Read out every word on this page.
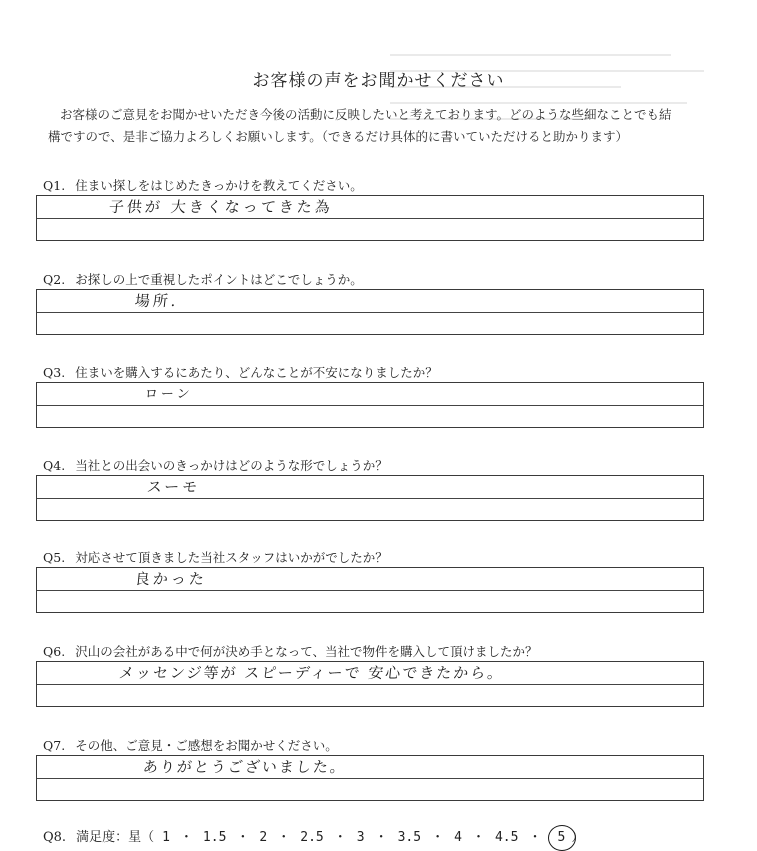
お客様の声をお聞かせください
お客様のご意見をお聞かせいただき今後の活動に反映したいと考えております。どのような些細なことでも結
構ですので、是非ご協力よろしくお願いします。（できるだけ具体的に書いていただけると助かります）
Q1. 住まい探しをはじめたきっかけを教えてください。
子供が 大きくなってきた為
Q2. お探しの上で重視したポイントはどこでしょうか。
場所.
Q3. 住まいを購入するにあたり、どんなことが不安になりましたか？
ローン
Q4. 当社との出会いのきっかけはどのような形でしょうか？
スーモ
Q5. 対応させて頂きました当社スタッフはいかがでしたか？
良かった
Q6. 沢山の会社がある中で何が決め手となって、当社で物件を購入して頂けましたか？
メッセンジ等が スピーディーで 安心できたから。
Q7. その他、ご意見・ご感想をお聞かせください。
ありがとうございました。
Q8. 満足度：星（ 1 ・ 1.5 ・ 2 ・ 2.5 ・ 3 ・ 3.5 ・ 4 ・ 4.5 ・ 5 ）
